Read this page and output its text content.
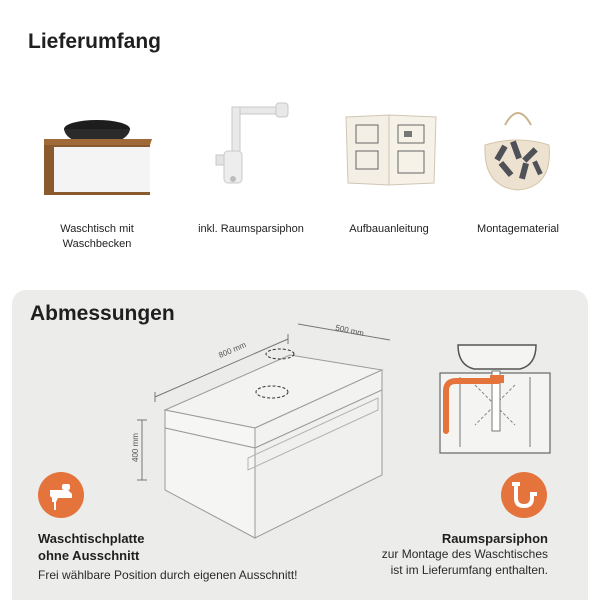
Lieferumfang
Waschtisch mit
Waschbecken
inkl. Raumsparsiphon	Aufbauanleitung	Montagematerial
Abmessungen
800 mm
500 mm
400 mm
Waschtischplatte
ohne Ausschnitt
Frei wählbare Position durch eigenen Ausschnitt!
Raumsparsiphon
zur Montage des Waschtisches
ist im Lieferumfang enthalten.
